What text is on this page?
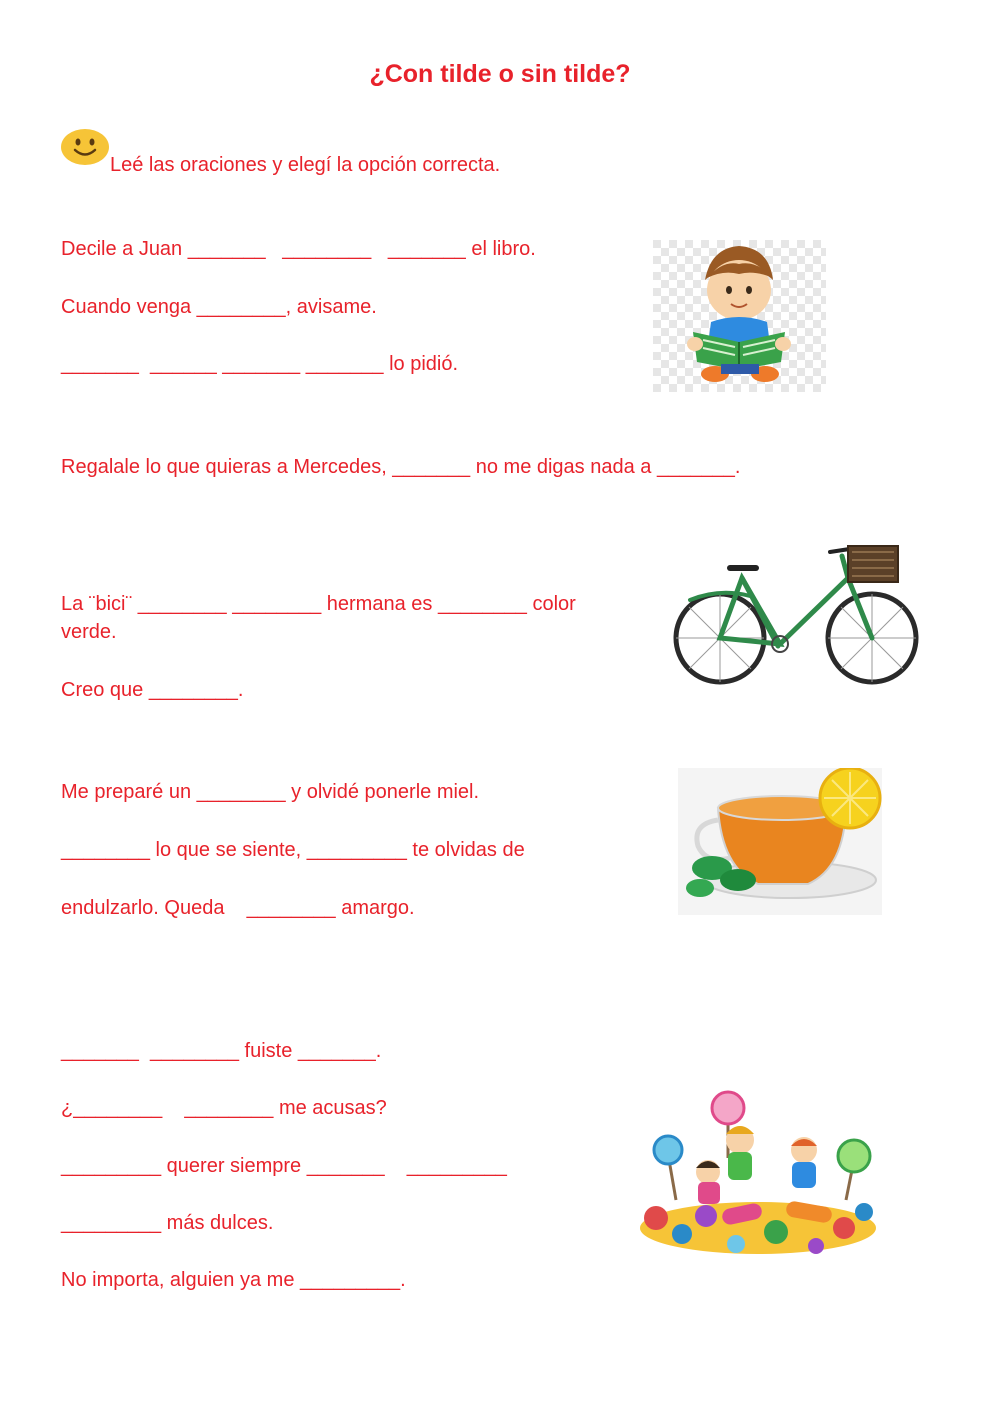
¿Con tilde o sin tilde?
Leé las oraciones y elegí la opción correcta.
Decile a Juan _______   ________   _______ el libro.
Cuando venga ________, avisame.
_______  ______ _______ _______ lo pidió.
Regalale lo que quieras a Mercedes, _______ no me digas nada a _______.
La ¨bici¨ ________ ________ hermana es ________ color verde.
Creo que ________.
Me preparé un ________ y olvidé ponerle miel.
________ lo que se siente, _________ te olvidas de
endulzarlo. Queda    ________ amargo.
_______  ________ fuiste _______.
¿________    ________ me acusas?
_________ querer siempre _______    _________
_________ más dulces.
No importa, alguien ya me _________.
